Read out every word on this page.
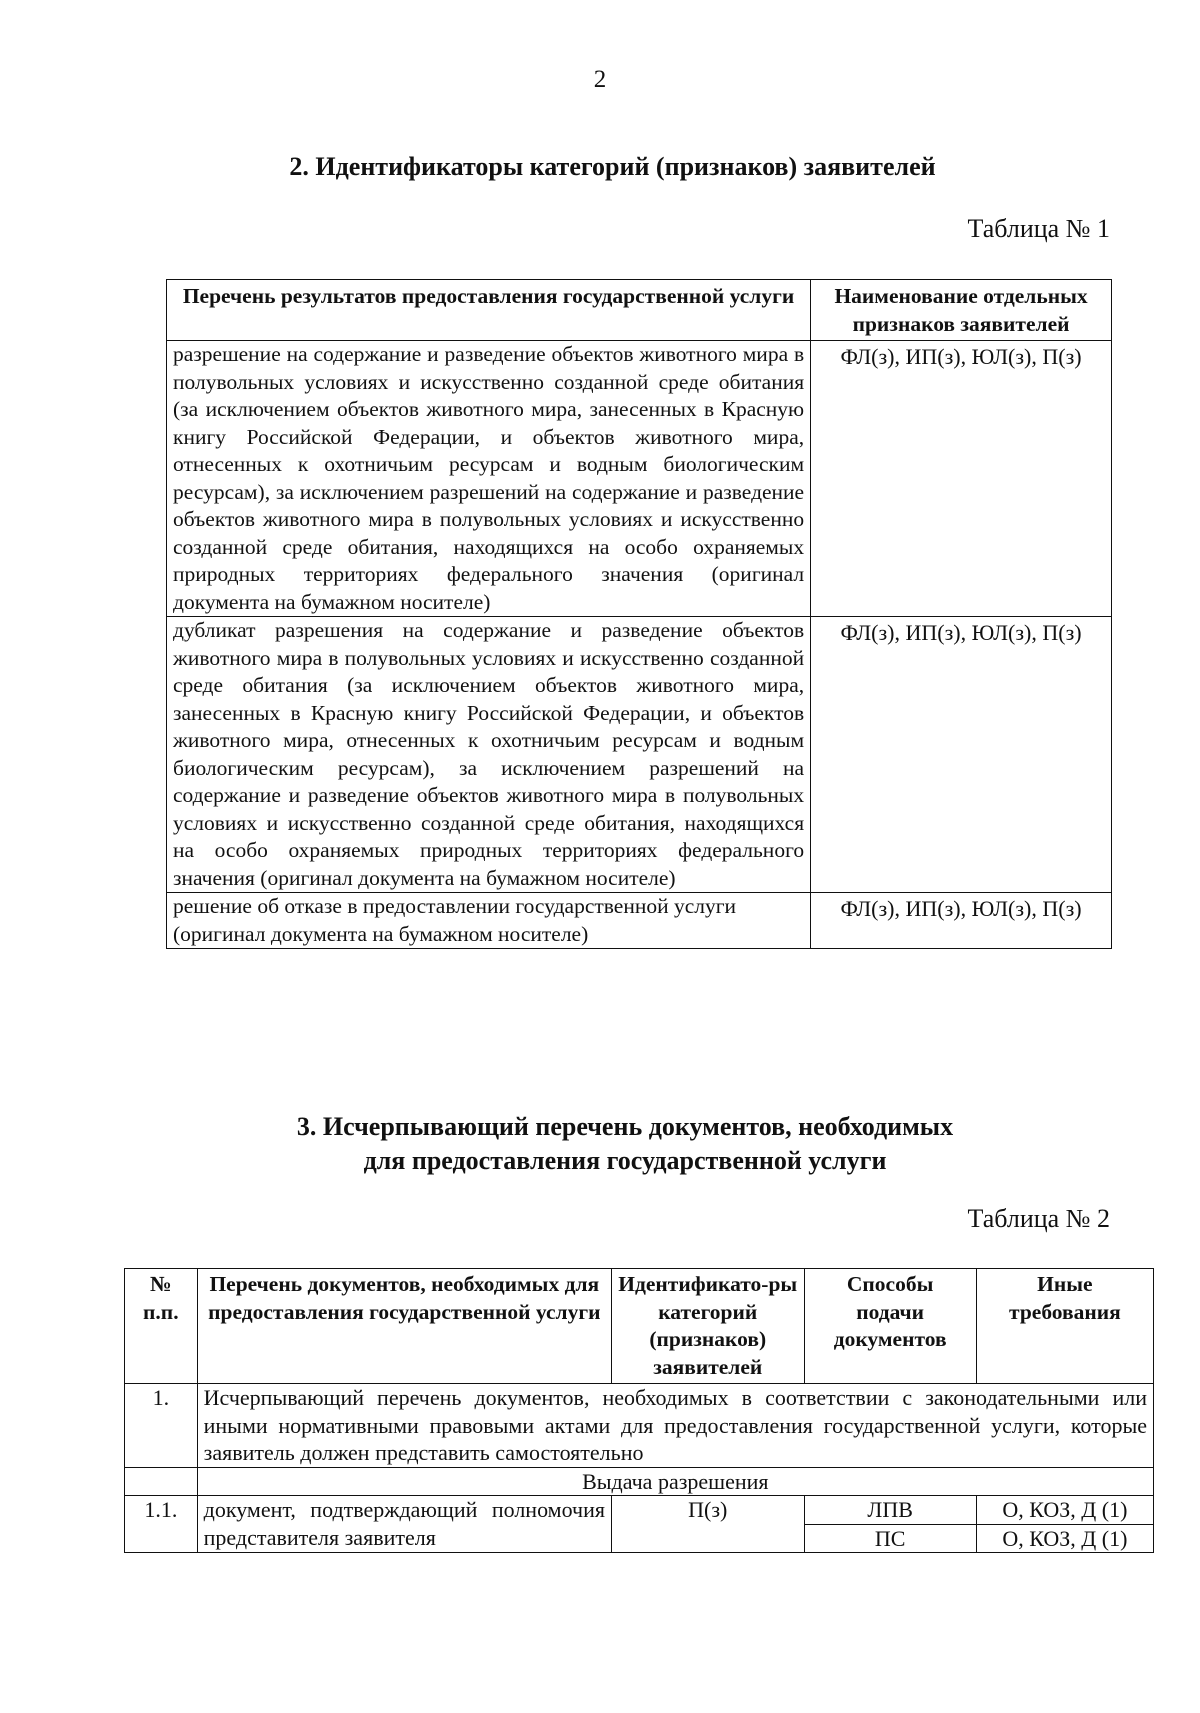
2
2. Идентификаторы категорий (признаков) заявителей
Таблица № 1
Перечень результатов предоставления государственной услуги	Наименование отдельных признаков заявителей
разрешение на содержание и разведение объектов животного мира в полувольных условиях и искусственно созданной среде обитания (за исключением объектов животного мира, занесенных в Красную книгу Российской Федерации, и объектов животного мира, отнесенных к охотничьим ресурсам и водным биологическим ресурсам), за исключением разрешений на содержание и разведение объектов животного мира в полувольных условиях и искусственно созданной среде обитания, находящихся на особо охраняемых природных территориях федерального значения (оригинал документа на бумажном носителе)	ФЛ(з), ИП(з), ЮЛ(з), П(з)
дубликат разрешения на содержание и разведение объектов животного мира в полувольных условиях и искусственно созданной среде обитания (за исключением объектов животного мира, занесенных в Красную книгу Российской Федерации, и объектов животного мира, отнесенных к охотничьим ресурсам и водным биологическим ресурсам), за исключением разрешений на содержание и разведение объектов животного мира в полувольных условиях и искусственно созданной среде обитания, находящихся на особо охраняемых природных территориях федерального значения (оригинал документа на бумажном носителе)	ФЛ(з), ИП(з), ЮЛ(з), П(з)
решение об отказе в предоставлении государственной услуги (оригинал документа на бумажном носителе)	ФЛ(з), ИП(з), ЮЛ(з), П(з)
3. Исчерпывающий перечень документов, необходимых
для предоставления государственной услуги
Таблица № 2
№ п.п.	Перечень документов, необходимых для предоставления государственной услуги	Идентификато-ры категорий (признаков) заявителей	Способы подачи документов	Иные требования
1.	Исчерпывающий перечень документов, необходимых в соответствии с законодательными или иными нормативными правовыми актами для предоставления государственной услуги, которые заявитель должен представить самостоятельно			
	Выдача разрешения			
1.1.	документ, подтверждающий полномочия представителя заявителя	П(з)	ЛПВ	О, КОЗ, Д (1)
			ПС	О, КОЗ, Д (1)
